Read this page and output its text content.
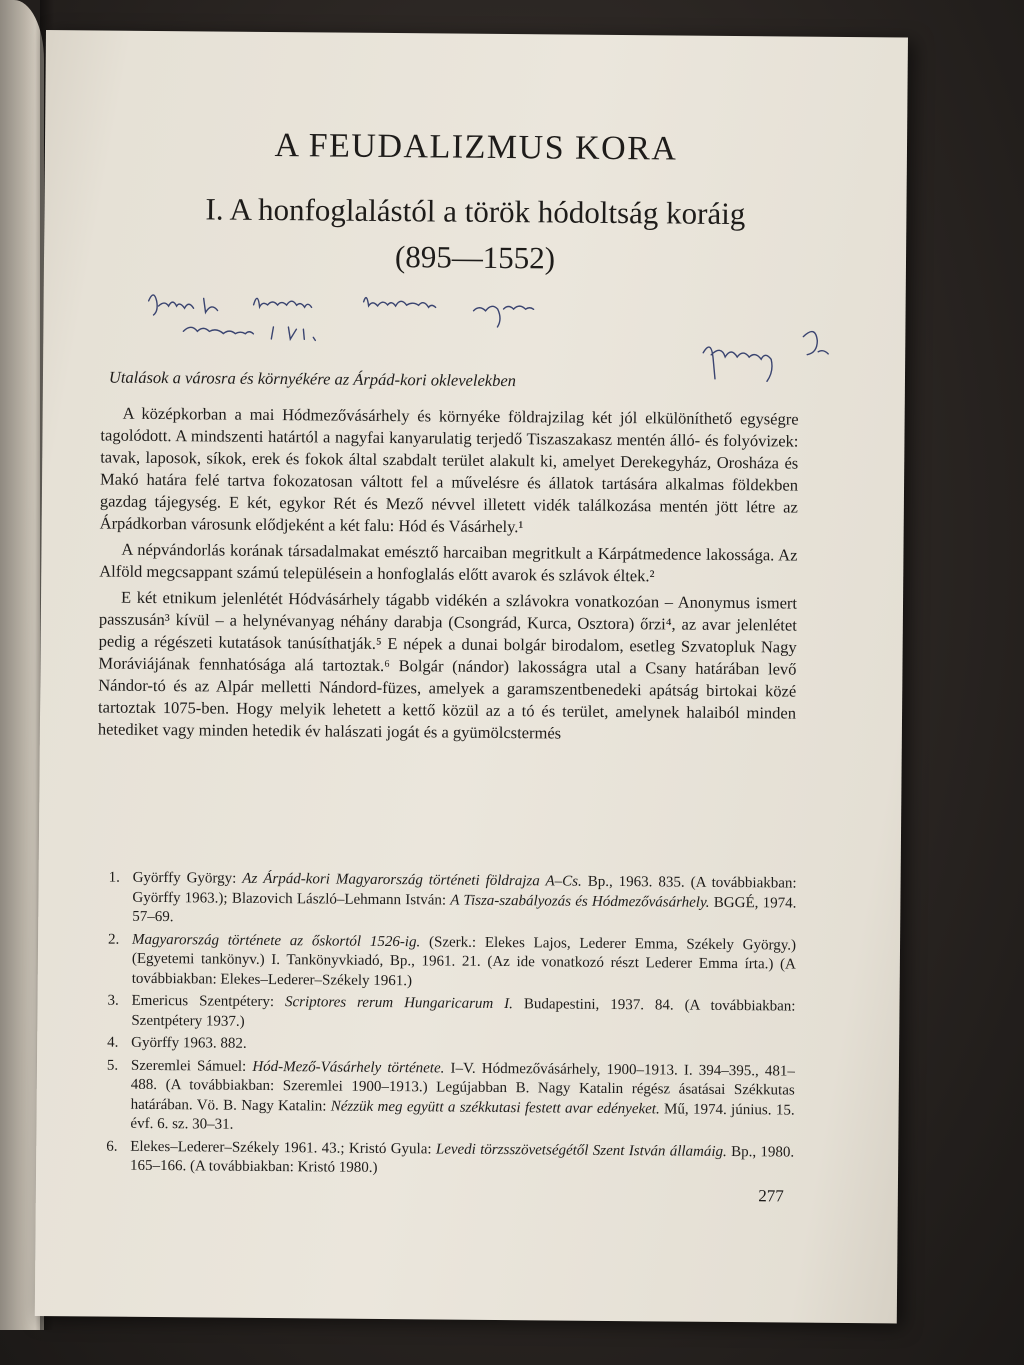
A FEUDALIZMUS KORA
I. A honfoglalástól a török hódoltság koráig
(895—1552)
Utalások a városra és környékére az Árpád-kori oklevelekben

A középkorban a mai Hódmezővásárhely és környéke földrajzilag két jól elkülöníthető egységre tagolódott. A mindszenti határtól a nagyfai kanyarulatig terjedő Tiszaszakasz mentén álló- és folyóvizek: tavak, laposok, síkok, erek és fokok által szabdalt terület alakult ki, amelyet Derekegyház, Orosháza és Makó határa felé tartva fokozatosan váltott fel a művelésre és állatok tartására alkalmas földekben gazdag tájegység. E két, egykor Rét és Mező névvel illetett vidék találkozása mentén jött létre az Árpádkorban városunk elődjeként a két falu: Hód és Vásárhely.¹

A népvándorlás korának társadalmakat emésztő harcaiban megritkult a Kárpátmedence lakossága. Az Alföld megcsappant számú településein a honfoglalás előtt avarok és szlávok éltek.²

E két etnikum jelenlétét Hódvásárhely tágabb vidékén a szlávokra vonatkozóan – Anonymus ismert passzusán³ kívül – a helynévanyag néhány darabja (Csongrád, Kurca, Osztora) őrzi⁴, az avar jelenlétet pedig a régészeti kutatások tanúsíthatják.⁵ E népek a dunai bolgár birodalom, esetleg Szvatopluk Nagy Moráviájának fennhatósága alá tartoztak.⁶ Bolgár (nándor) lakosságra utal a Csany határában levő Nándor-tó és az Alpár melletti Nándord-füzes, amelyek a garamszentbenedeki apátság birtokai közé tartoztak 1075-ben. Hogy melyik lehetett a kettő közül az a tó és terület, amelynek halaiból minden hetediket vagy minden hetedik év halászati jogát és a gyümölcstermés

1. Györffy György: Az Árpád-kori Magyarország történeti földrajza A–Cs. Bp., 1963. 835. (A továbbiakban: Györffy 1963.); Blazovich László–Lehmann István: A Tisza-szabályozás és Hódmezővásárhely. BGGÉ, 1974. 57–69.
2. Magyarország története az őskortól 1526-ig. (Szerk.: Elekes Lajos, Lederer Emma, Székely György.) (Egyetemi tankönyv.) I. Tankönyvkiadó, Bp., 1961. 21. (Az ide vonatkozó részt Lederer Emma írta.) (A továbbiakban: Elekes–Lederer–Székely 1961.)
3. Emericus Szentpétery: Scriptores rerum Hungaricarum I. Budapestini, 1937. 84. (A továbbiakban: Szentpétery 1937.)
4. Györffy 1963. 882.
5. Szeremlei Sámuel: Hód-Mező-Vásárhely története. I–V. Hódmezővásárhely, 1900–1913. I. 394–395., 481–488. (A továbbiakban: Szeremlei 1900–1913.) Legújabban B. Nagy Katalin régész ásatásai Székkutas határában. Vö. B. Nagy Katalin: Nézzük meg együtt a székkutasi festett avar edényeket. Mű, 1974. június. 15. évf. 6. sz. 30–31.
6. Elekes–Lederer–Székely 1961. 43.; Kristó Gyula: Levedi törzsszövetségétől Szent István államáig. Bp., 1980. 165–166. (A továbbiakban: Kristó 1980.)
277
